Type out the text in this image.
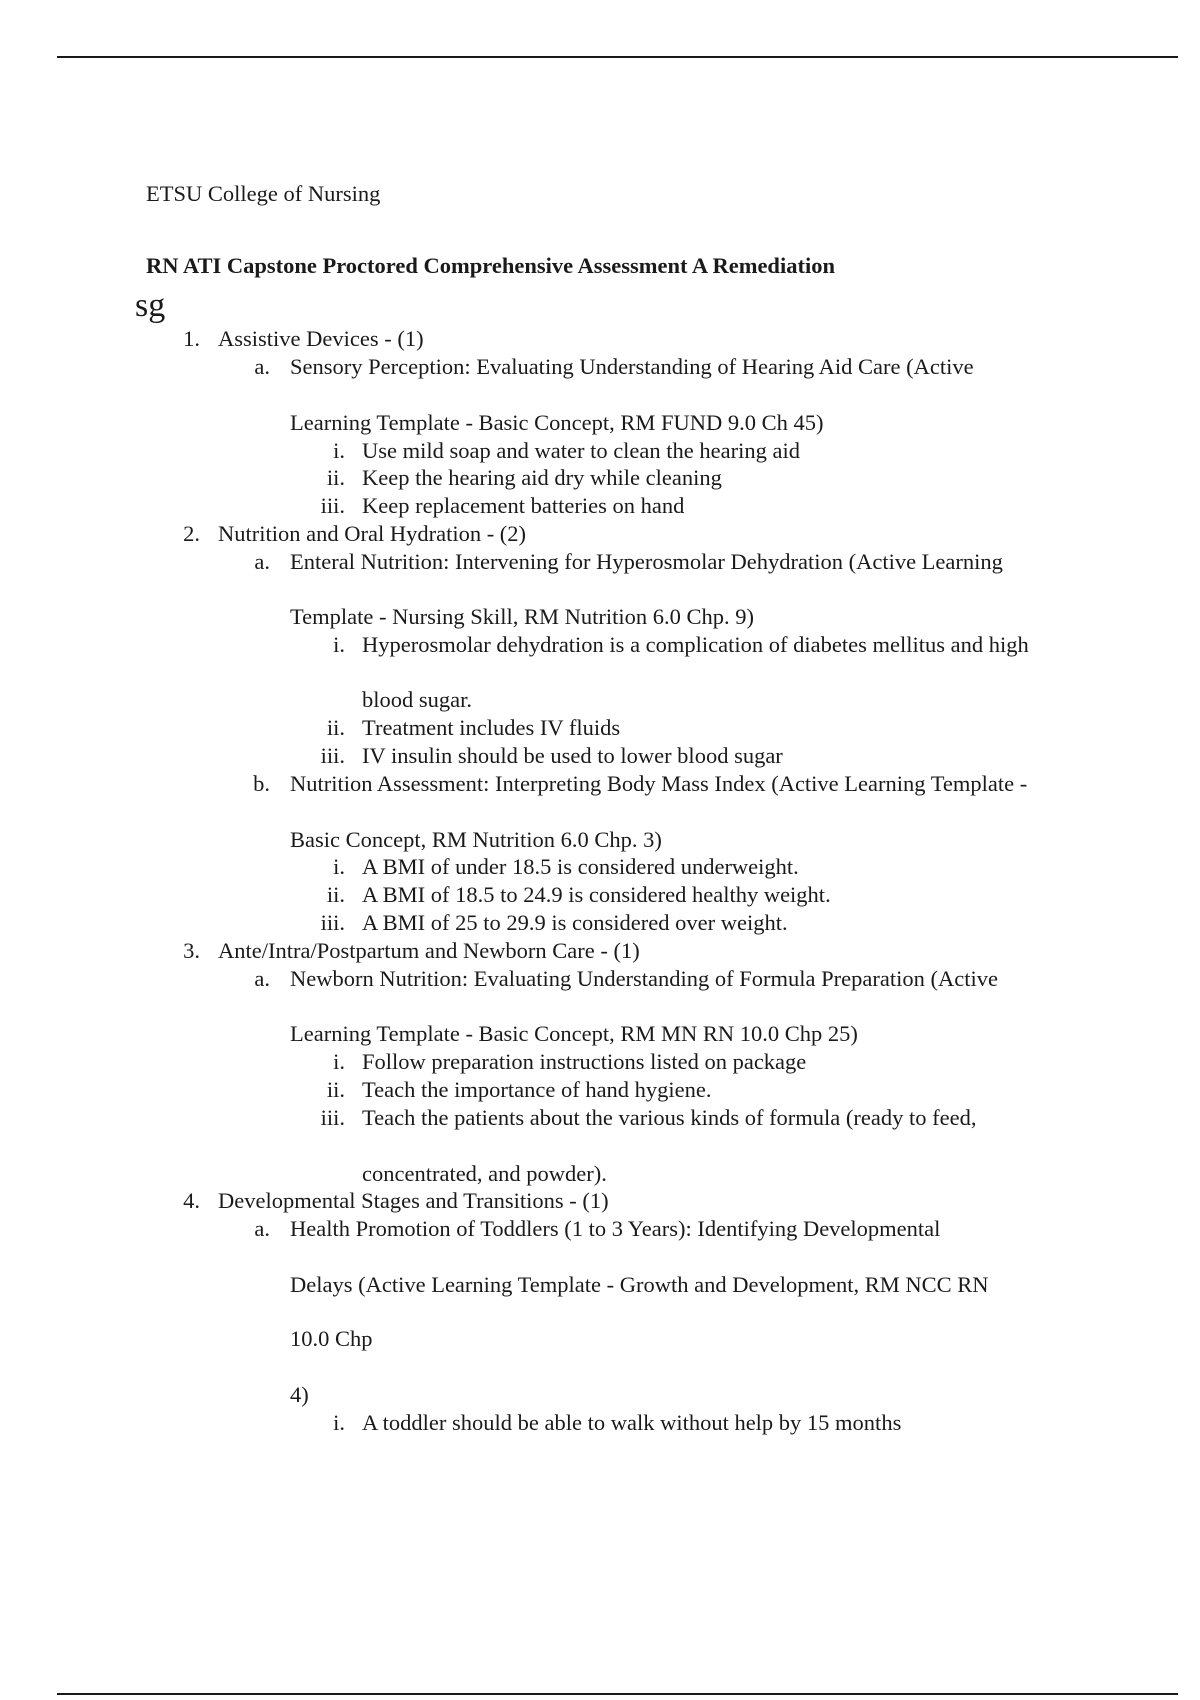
ETSU College of Nursing
RN ATI Capstone Proctored Comprehensive Assessment A Remediation
sg
1. Assistive Devices - (1)
a. Sensory Perception: Evaluating Understanding of Hearing Aid Care (Active
Learning Template - Basic Concept, RM FUND 9.0 Ch 45)
i. Use mild soap and water to clean the hearing aid
ii. Keep the hearing aid dry while cleaning
iii. Keep replacement batteries on hand
2. Nutrition and Oral Hydration - (2)
a. Enteral Nutrition: Intervening for Hyperosmolar Dehydration (Active Learning
Template - Nursing Skill, RM Nutrition 6.0 Chp. 9)
i. Hyperosmolar dehydration is a complication of diabetes mellitus and high
blood sugar.
ii. Treatment includes IV fluids
iii. IV insulin should be used to lower blood sugar
b. Nutrition Assessment: Interpreting Body Mass Index (Active Learning Template -
Basic Concept, RM Nutrition 6.0 Chp. 3)
i. A BMI of under 18.5 is considered underweight.
ii. A BMI of 18.5 to 24.9 is considered healthy weight.
iii. A BMI of 25 to 29.9 is considered over weight.
3. Ante/Intra/Postpartum and Newborn Care - (1)
a. Newborn Nutrition: Evaluating Understanding of Formula Preparation (Active
Learning Template - Basic Concept, RM MN RN 10.0 Chp 25)
i. Follow preparation instructions listed on package
ii. Teach the importance of hand hygiene.
iii. Teach the patients about the various kinds of formula (ready to feed,
concentrated, and powder).
4. Developmental Stages and Transitions - (1)
a. Health Promotion of Toddlers (1 to 3 Years): Identifying Developmental
Delays (Active Learning Template - Growth and Development, RM NCC RN
10.0 Chp
4)
i. A toddler should be able to walk without help by 15 months
